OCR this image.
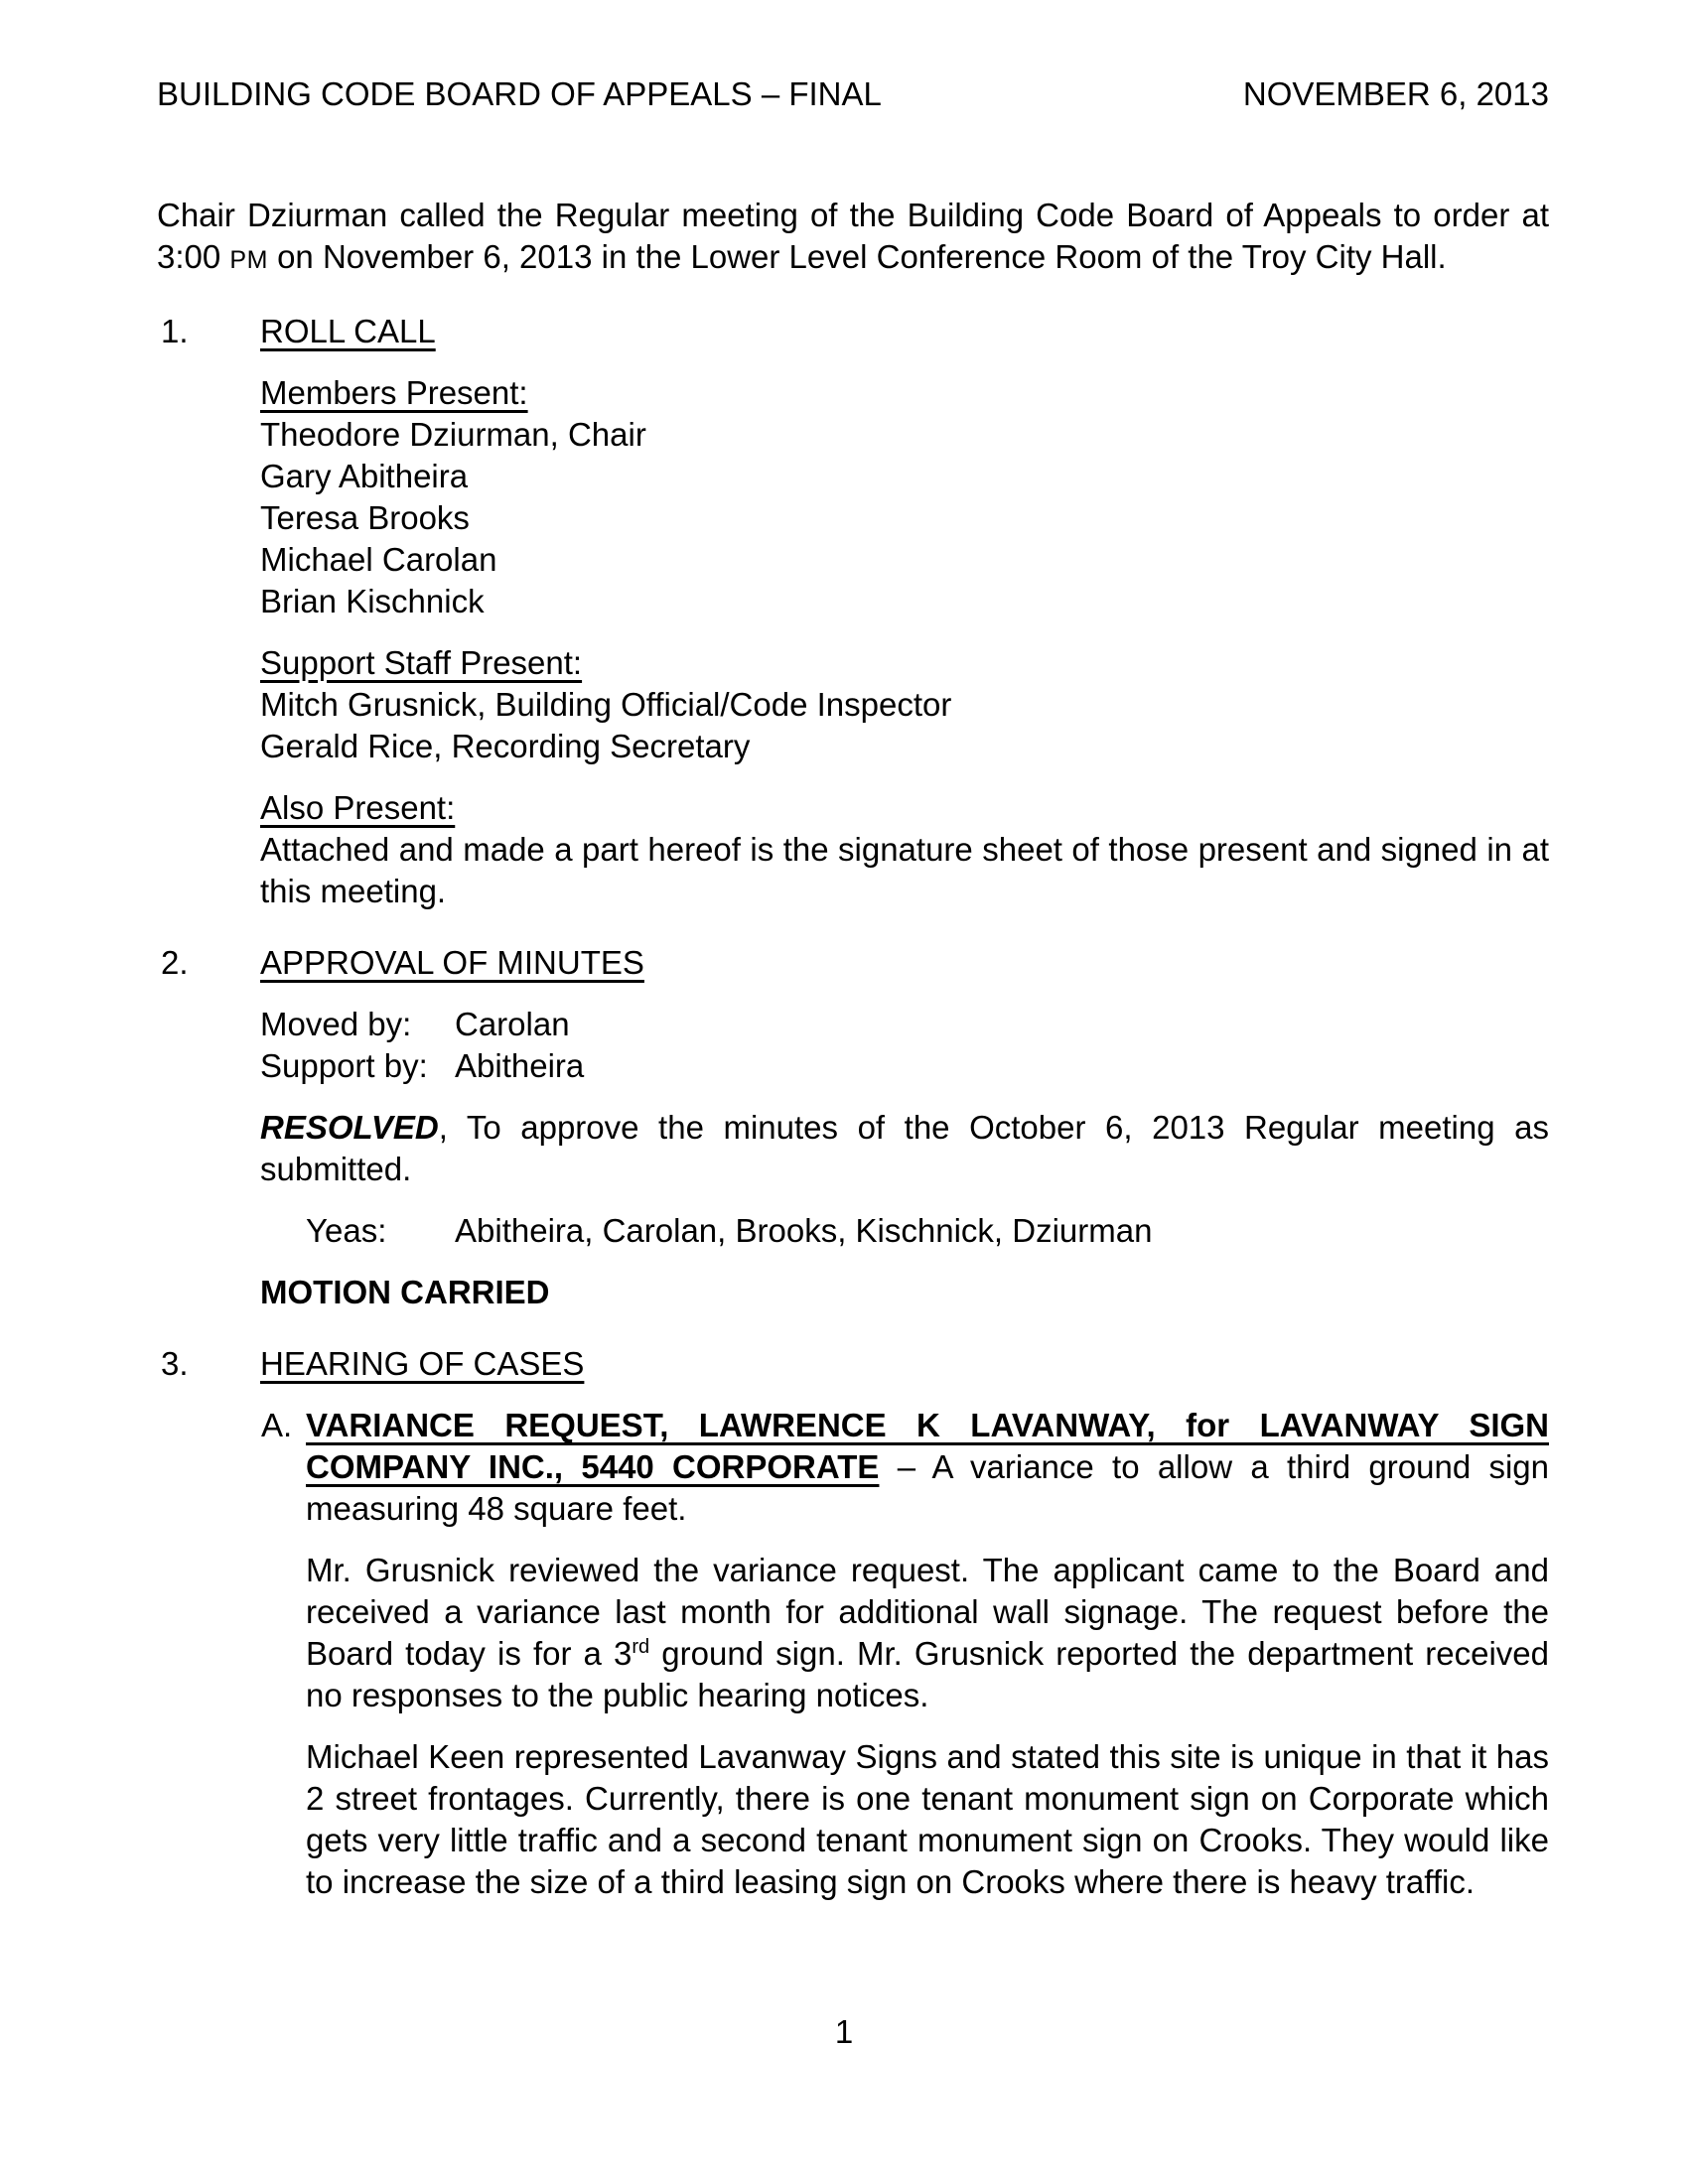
BUILDING CODE BOARD OF APPEALS – FINAL	NOVEMBER 6, 2013

Chair Dziurman called the Regular meeting of the Building Code Board of Appeals to order at 3:00 PM on November 6, 2013 in the Lower Level Conference Room of the Troy City Hall.

1. ROLL CALL
Members Present:
Theodore Dziurman, Chair
Gary Abitheira
Teresa Brooks
Michael Carolan
Brian Kischnick
Support Staff Present:
Mitch Grusnick, Building Official/Code Inspector
Gerald Rice, Recording Secretary
Also Present:

Attached and made a part hereof is the signature sheet of those present and signed in at this meeting.

2. APPROVAL OF MINUTES
Moved by: Carolan
Support by: Abitheira

RESOLVED, To approve the minutes of the October 6, 2013 Regular meeting as submitted.

Yeas: Abitheira, Carolan, Brooks, Kischnick, Dziurman
MOTION CARRIED
3. HEARING OF CASES
A. VARIANCE REQUEST, LAWRENCE K LAVANWAY, for LAVANWAY SIGN COMPANY INC., 5440 CORPORATE – A variance to allow a third ground sign measuring 48 square feet.

Mr. Grusnick reviewed the variance request. The applicant came to the Board and received a variance last month for additional wall signage. The request before the Board today is for a 3rd ground sign. Mr. Grusnick reported the department received no responses to the public hearing notices.

Michael Keen represented Lavanway Signs and stated this site is unique in that it has 2 street frontages. Currently, there is one tenant monument sign on Corporate which gets very little traffic and a second tenant monument sign on Crooks. They would like to increase the size of a third leasing sign on Crooks where there is heavy traffic.

1
